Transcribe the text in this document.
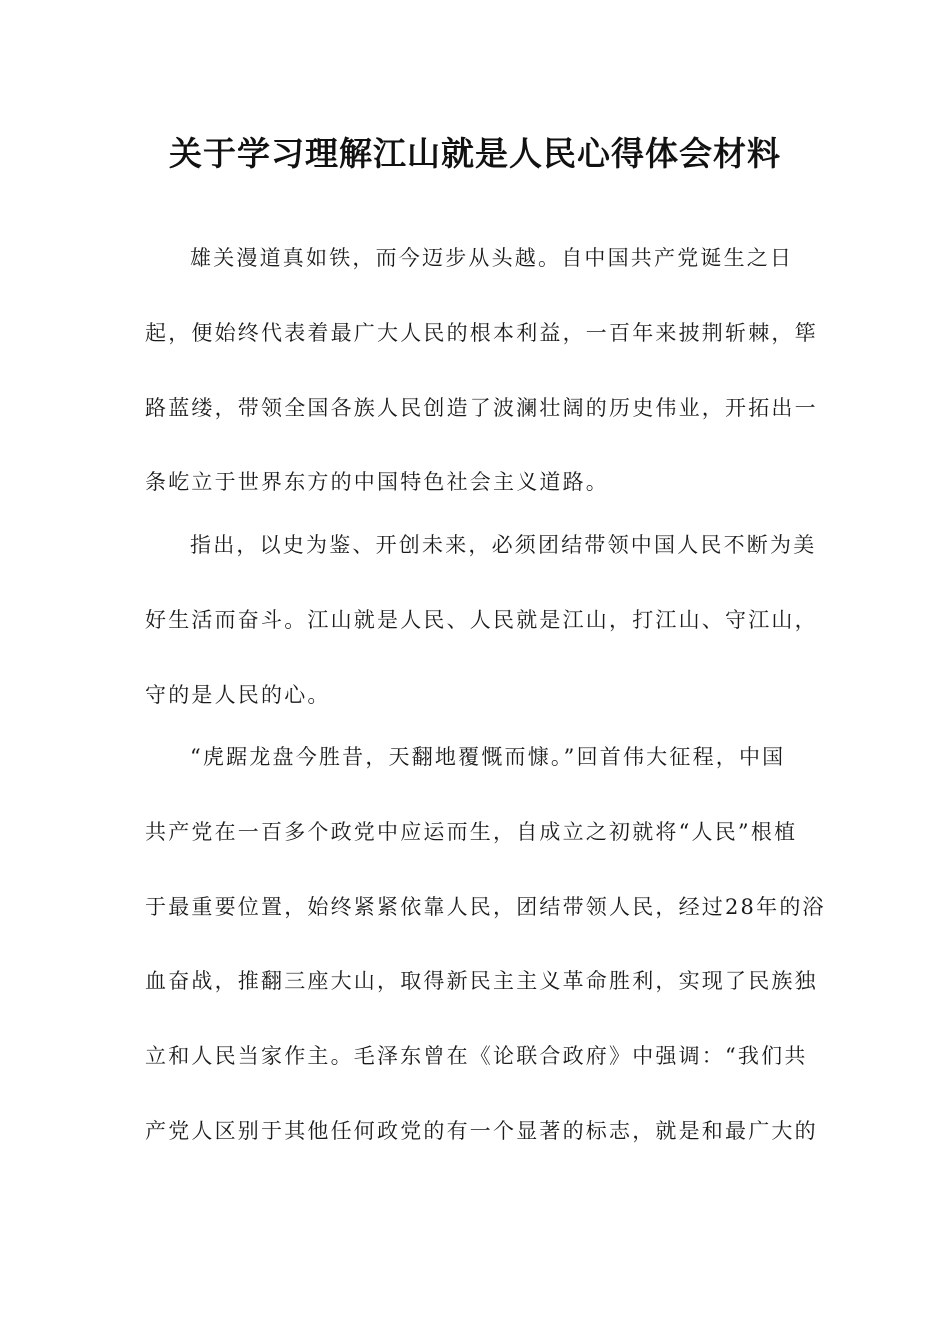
关于学习理解江山就是人民心得体会材料

雄关漫道真如铁，而今迈步从头越。自中国共产党诞生之日

起，便始终代表着最广大人民的根本利益，一百年来披荆斩棘，筚

路蓝缕，带领全国各族人民创造了波澜壮阔的历史伟业，开拓出一

条屹立于世界东方的中国特色社会主义道路。

指出，以史为鉴、开创未来，必须团结带领中国人民不断为美

好生活而奋斗。江山就是人民、人民就是江山，打江山、守江山，

守的是人民的心。

“虎踞龙盘今胜昔，天翻地覆慨而慷。”回首伟大征程，中国

共产党在一百多个政党中应运而生，自成立之初就将“人民”根植

于最重要位置，始终紧紧依靠人民，团结带领人民，经过28年的浴

血奋战，推翻三座大山，取得新民主主义革命胜利，实现了民族独

立和人民当家作主。毛泽东曾在《论联合政府》中强调：“我们共

产党人区别于其他任何政党的有一个显著的标志，就是和最广大的
